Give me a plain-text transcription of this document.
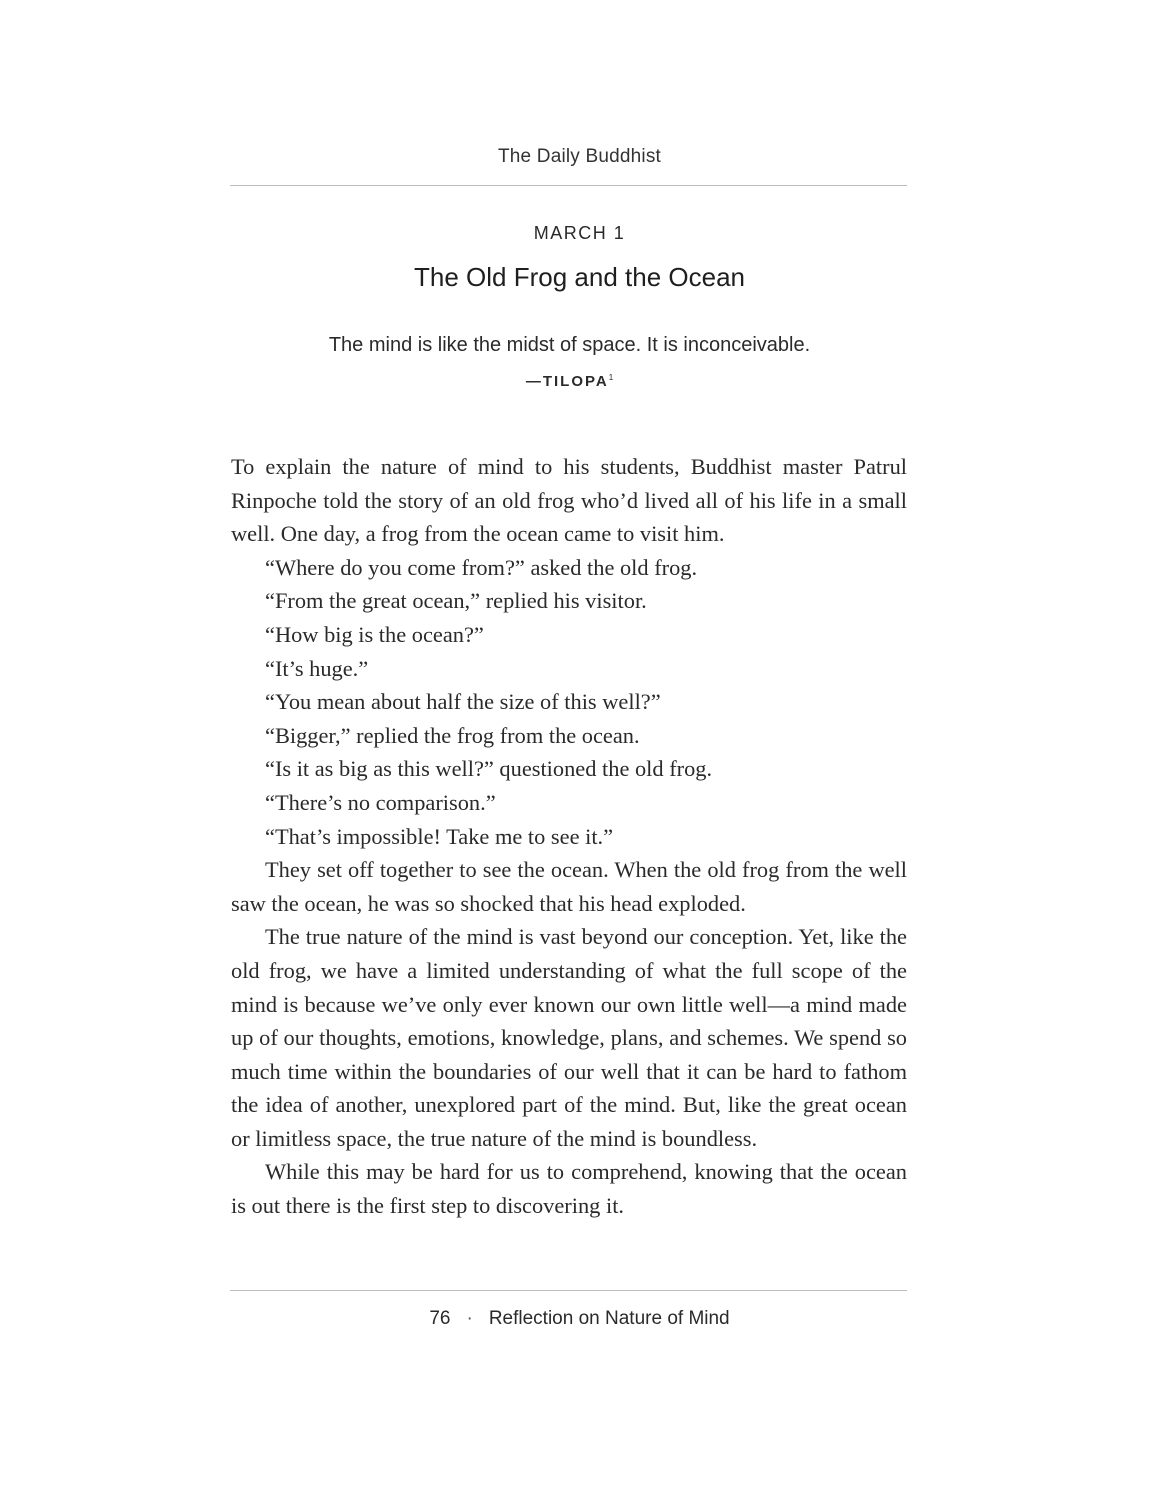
The Daily Buddhist
MARCH 1
The Old Frog and the Ocean
The mind is like the midst of space. It is inconceivable.
—TILOPA$^1$

To explain the nature of mind to his students, Buddhist master Patrul Rinpoche told the story of an old frog who’d lived all of his life in a small well. One day, a frog from the ocean came to visit him.

“Where do you come from?” asked the old frog.

“From the great ocean,” replied his visitor.

“How big is the ocean?”

“It’s huge.”

“You mean about half the size of this well?”

“Bigger,” replied the frog from the ocean.

“Is it as big as this well?” questioned the old frog.

“There’s no comparison.”

“That’s impossible! Take me to see it.”

They set off together to see the ocean. When the old frog from the well saw the ocean, he was so shocked that his head exploded.

The true nature of the mind is vast beyond our conception. Yet, like the old frog, we have a limited understanding of what the full scope of the mind is because we’ve only ever known our own little well—a mind made up of our thoughts, emotions, knowledge, plans, and schemes. We spend so much time within the boundaries of our well that it can be hard to fathom the idea of another, unexplored part of the mind. But, like the great ocean or limitless space, the true nature of the mind is boundless.

While this may be hard for us to comprehend, knowing that the ocean is out there is the first step to discovering it.

76 · Reflection on Nature of Mind
